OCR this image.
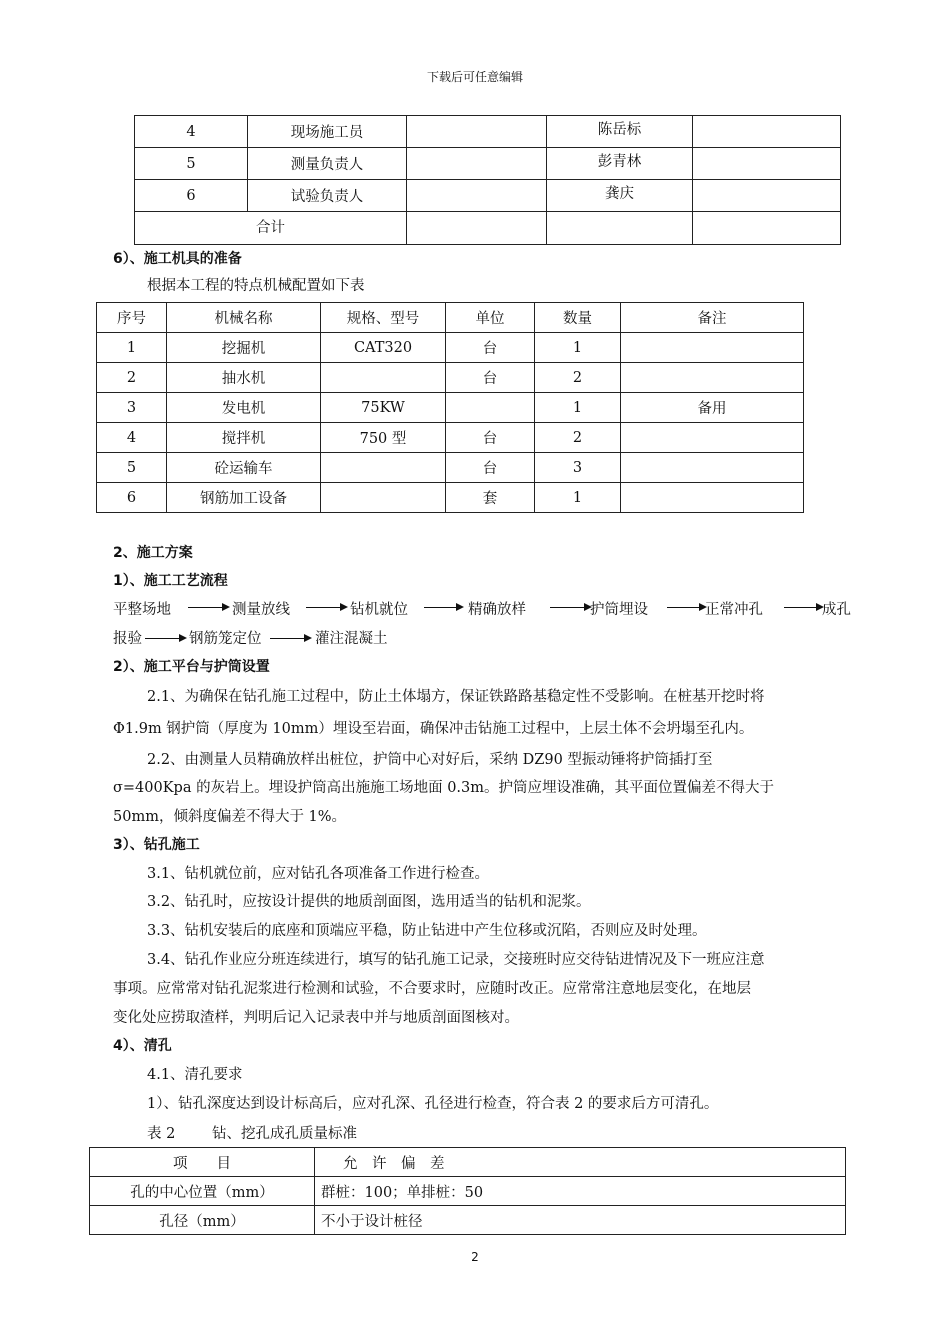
下载后可任意编辑
4	现场施工员		陈岳标	
5	测量负责人		彭青林	
6	试验负责人		龚庆	
合计				
6）、施工机具的准备
根据本工程的特点机械配置如下表
序号	机械名称	规格、型号	单位	数量	备注
1	挖掘机	CAT320	台	1	
2	抽水机		台	2	
3	发电机	75KW		1	备用
4	搅拌机	750 型	台	2	
5	砼运输车		台	3	
6	钢筋加工设备		套	1	
2、施工方案
1）、施工工艺流程
平整场地	测量放线	钻机就位	精确放样	护筒埋设	正常冲孔	成孔
报验	钢筋笼定位	灌注混凝土
2）、施工平台与护筒设置
2.1、为确保在钻孔施工过程中，防止土体塌方，保证铁路路基稳定性不受影响。在桩基开挖时将
Φ1.9m 钢护筒（厚度为 10mm）埋设至岩面，确保冲击钻施工过程中，上层土体不会坍塌至孔内。
2.2、由测量人员精确放样出桩位，护筒中心对好后，采纳 DZ90 型振动锤将护筒插打至
σ=400Kpa 的灰岩上。埋设护筒高出施施工场地面 0.3m。护筒应埋设准确，其平面位置偏差不得大于
50mm，倾斜度偏差不得大于 1%。
3）、钻孔施工
3.1、钻机就位前，应对钻孔各项准备工作进行检查。
3.2、钻孔时，应按设计提供的地质剖面图，选用适当的钻机和泥浆。
3.3、钻机安装后的底座和顶端应平稳，防止钻进中产生位移或沉陷，否则应及时处理。
3.4、钻孔作业应分班连续进行，填写的钻孔施工记录，交接班时应交待钻进情况及下一班应注意
事项。应常常对钻孔泥浆进行检测和试验，不合要求时，应随时改正。应常常注意地层变化，在地层
变化处应捞取渣样，判明后记入记录表中并与地质剖面图核对。
4）、清孔
4.1、清孔要求
1）、钻孔深度达到设计标高后，应对孔深、孔径进行检查，符合表 2 的要求后方可清孔。
表 2	钻、挖孔成孔质量标准
项　　目	允　许　偏　差
孔的中心位置（mm）	群桩：100；单排桩：50
孔径（mm）	不小于设计桩径
2
